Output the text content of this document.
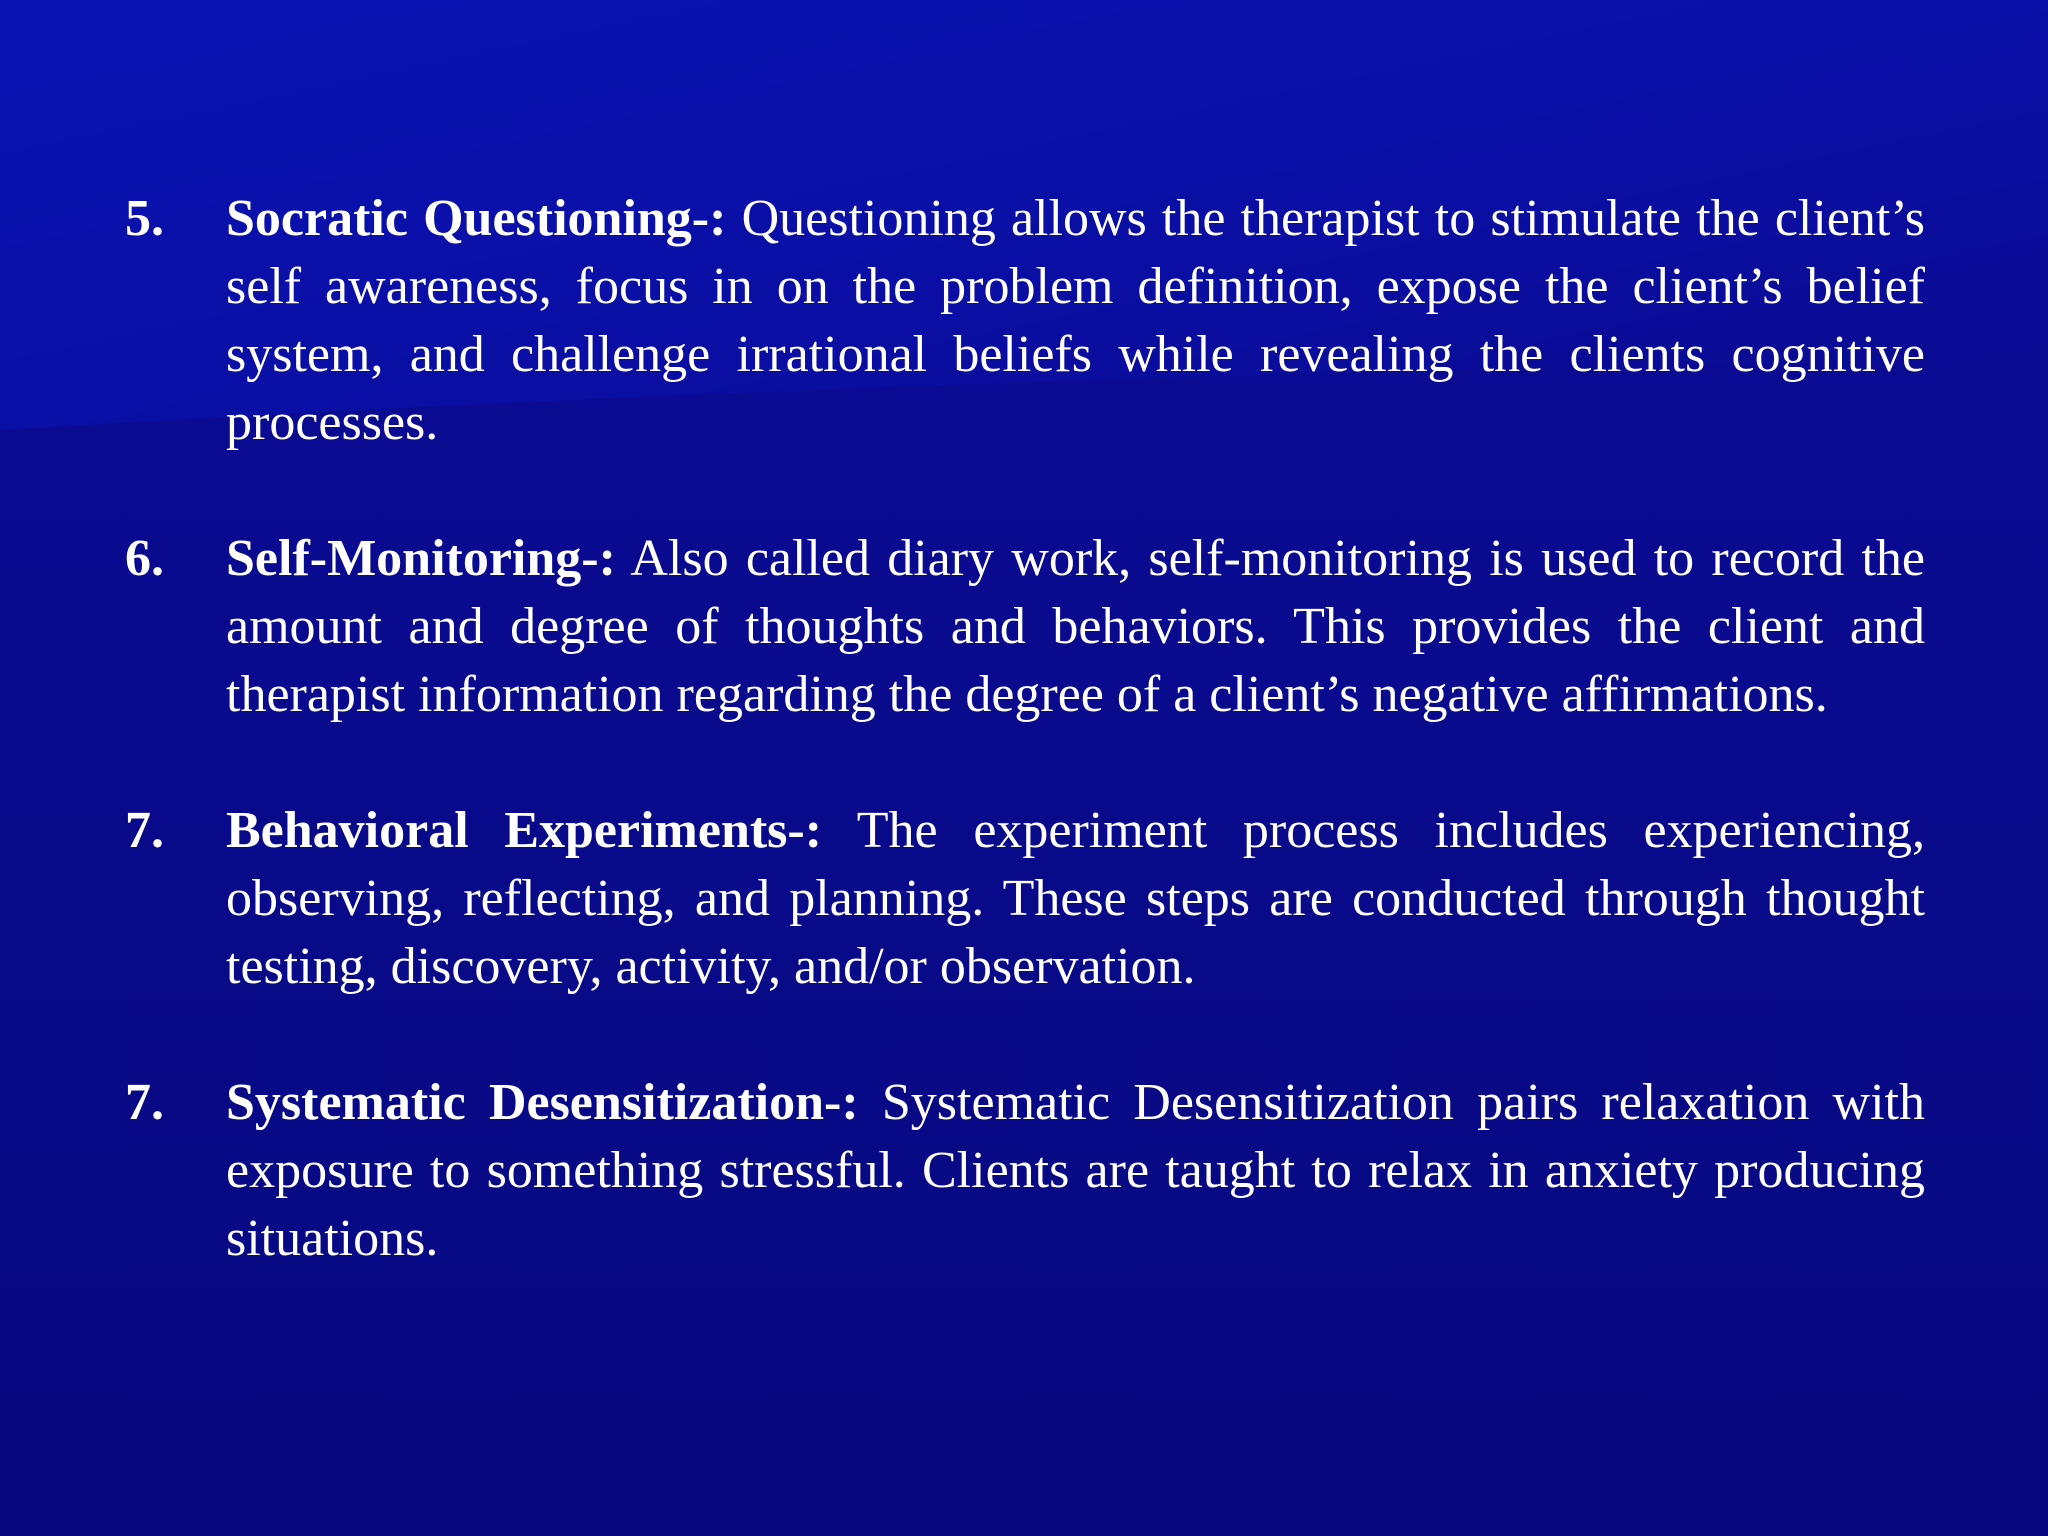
5.	Socratic Questioning-: Questioning allows the therapist to stimulate the client’s self awareness, focus in on the problem definition, expose the client’s belief system, and challenge irrational beliefs while revealing the clients cognitive processes.
6.	Self-Monitoring-: Also called diary work, self-monitoring is used to record the amount and degree of thoughts and behaviors. This provides the client and therapist information regarding the degree of a client’s negative affirmations.
7.	Behavioral Experiments-: The experiment process includes experiencing, observing, reflecting, and planning. These steps are conducted through thought testing, discovery, activity, and/or observation.
7.	Systematic Desensitization-: Systematic Desensitization pairs relaxation with exposure to something stressful. Clients are taught to relax in anxiety producing situations.
